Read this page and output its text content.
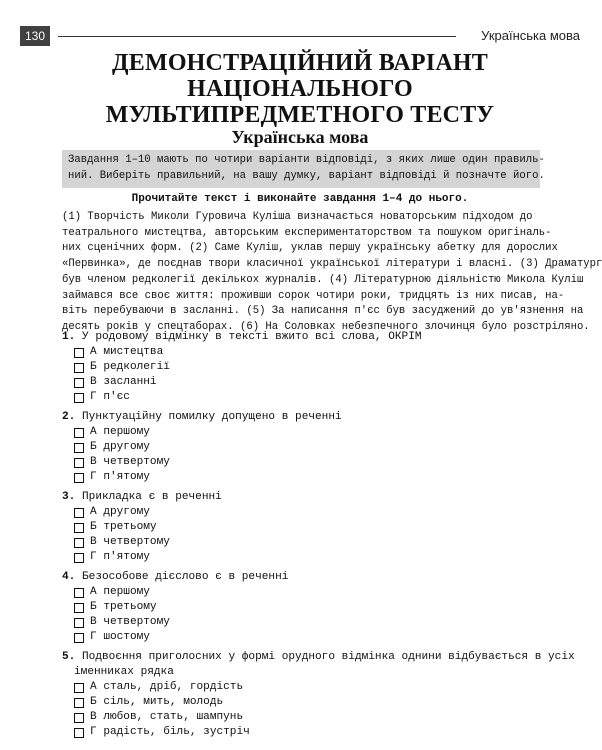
130	Українська мова
ДЕМОНСТРАЦІЙНИЙ ВАРІАНТ
НАЦІОНАЛЬНОГО
МУЛЬТИПРЕДМЕТНОГО ТЕСТУ
Українська мова
Завдання 1–10 мають по чотири варіанти відповіді, з яких лише один правиль-
ний. Виберіть правильний, на вашу думку, варіант відповіді й позначте його.
Прочитайте текст і виконайте завдання 1–4 до нього.
(1) Творчість Миколи Гуровича Куліша визначається новаторським підходом до
театрального мистецтва, авторським експериментаторством та пошуком оригіналь-
них сценічних форм. (2) Саме Куліш, уклав першу українську абетку для дорослих
«Первинка», де поєднав твори класичної української літератури і власні. (3) Драматург
був членом редколегії декількох журналів. (4) Літературною діяльністю Микола Куліш
займався все своє життя: проживши сорок чотири роки, тридцять із них писав, на-
віть перебуваючи в засланні. (5) За написання п'єс був засуджений до ув'язнення на
десять років у спецтаборах. (6) На Соловках небезпечного злочинця було розстріляно.
1. У родовому відмінку в тексті вжито всі слова, ОКРІМ
А мистецтва
Б редколегії
В засланні
Г п'єс
2. Пунктуаційну помилку допущено в реченні
А першому
Б другому
В четвертому
Г п'ятому
3. Прикладка є в реченні
А другому
Б третьому
В четвертому
Г п'ятому
4. Безособове дієслово є в реченні
А першому
Б третьому
В четвертому
Г шостому
5. Подвоєння приголосних у формі орудного відмінка однини відбувається в усіх
іменниках рядка
А сталь, дріб, гордість
Б сіль, мить, молодь
В любов, стать, шампунь
Г радість, біль, зустріч
